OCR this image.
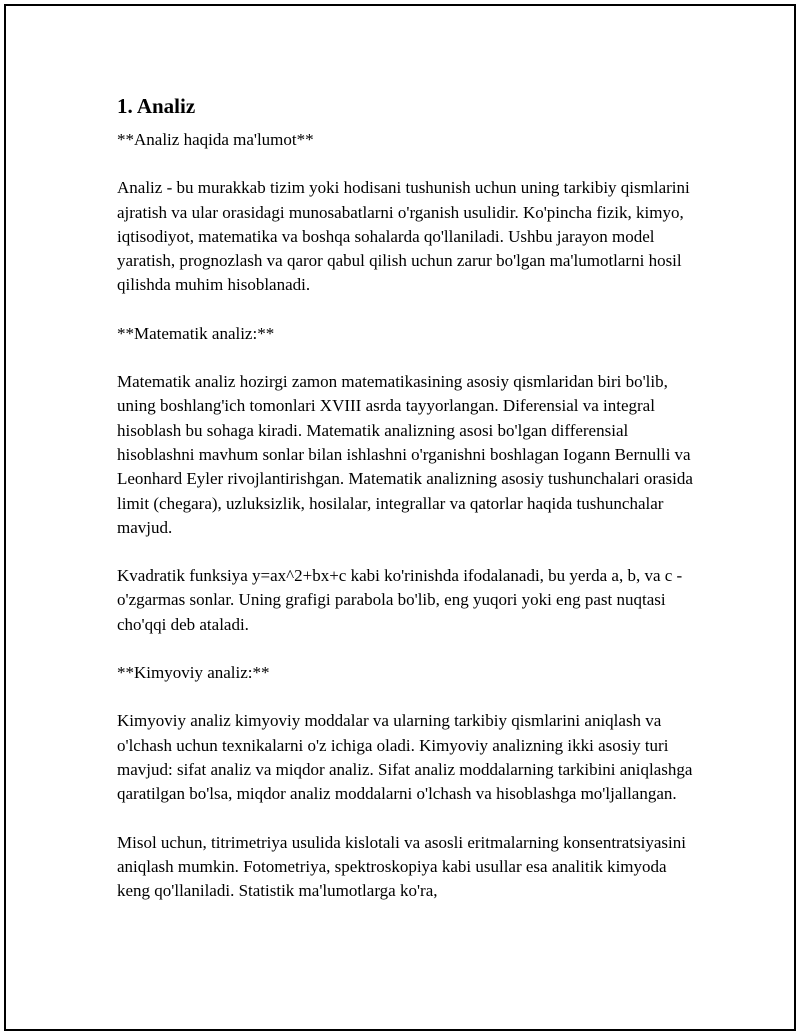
1. Analiz

**Analiz haqida ma'lumot**

Analiz - bu murakkab tizim yoki hodisani tushunish uchun uning tarkibiy qismlarini ajratish va ular orasidagi munosabatlarni o'rganish usulidir. Ko'pincha fizik, kimyo, iqtisodiyot, matematika va boshqa sohalarda qo'llaniladi. Ushbu jarayon model yaratish, prognozlash va qaror qabul qilish uchun zarur bo'lgan ma'lumotlarni hosil qilishda muhim hisoblanadi.

**Matematik analiz:**

Matematik analiz hozirgi zamon matematikasining asosiy qismlaridan biri bo'lib, uning boshlang'ich tomonlari XVIII asrda tayyorlangan. Diferensial va integral hisoblash bu sohaga kiradi. Matematik analizning asosi bo'lgan differensial hisoblashni mavhum sonlar bilan ishlashni o'rganishni boshlagan Iogann Bernulli va Leonhard Eyler rivojlantirishgan. Matematik analizning asosiy tushunchalari orasida limit (chegara), uzluksizlik, hosilalar, integrallar va qatorlar haqida tushunchalar mavjud.

Kvadratik funksiya y=ax^2+bx+c kabi ko'rinishda ifodalanadi, bu yerda a, b, va c - o'zgarmas sonlar. Uning grafigi parabola bo'lib, eng yuqori yoki eng past nuqtasi cho'qqi deb ataladi.

**Kimyoviy analiz:**

Kimyoviy analiz kimyoviy moddalar va ularning tarkibiy qismlarini aniqlash va o'lchash uchun texnikalarni o'z ichiga oladi. Kimyoviy analizning ikki asosiy turi mavjud: sifat analiz va miqdor analiz. Sifat analiz moddalarning tarkibini aniqlashga qaratilgan bo'lsa, miqdor analiz moddalarni o'lchash va hisoblashga mo'ljallangan.

Misol uchun, titrimetriya usulida kislotali va asosli eritmalarning konsentratsiyasini aniqlash mumkin. Fotometriya, spektroskopiya kabi usullar esa analitik kimyoda keng qo'llaniladi. Statistik ma'lumotlarga ko'ra,
